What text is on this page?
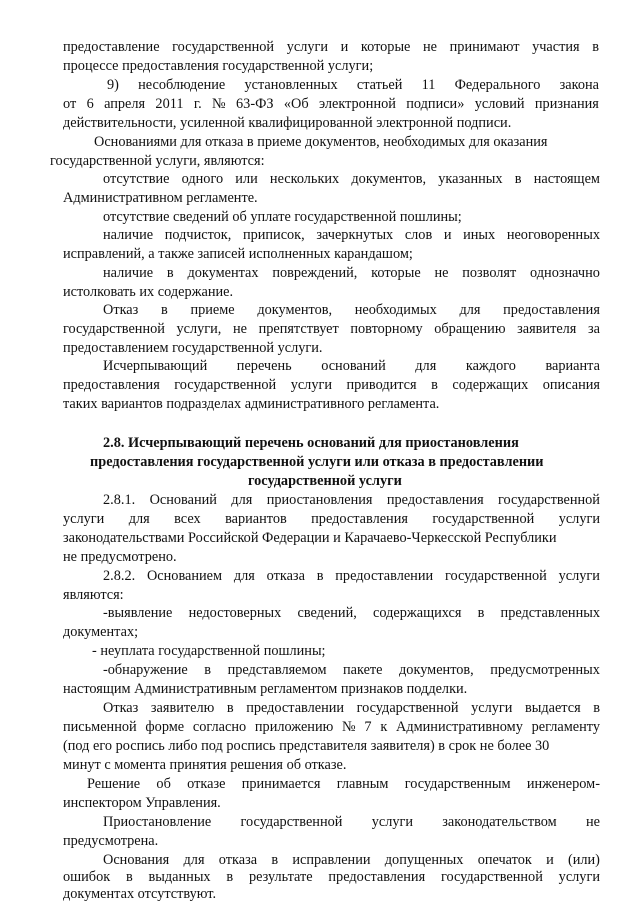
предоставление государственной услуги и которые не принимают участия в
процессе предоставления государственной услуги;
9) несоблюдение установленных статьей 11 Федерального закона
от 6 апреля 2011 г. № 63-ФЗ «Об электронной подписи» условий признания
действительности, усиленной квалифицированной электронной подписи.
Основаниями для отказа в приеме документов, необходимых для оказания
государственной услуги, являются:
отсутствие одного или нескольких документов, указанных в настоящем
Административном регламенте.
отсутствие сведений об уплате государственной пошлины;
наличие подчисток, приписок, зачеркнутых слов и иных неоговоренных
исправлений, а также записей исполненных карандашом;
наличие в документах повреждений, которые не позволят однозначно
истолковать их содержание.
Отказ в приеме документов, необходимых для предоставления
государственной услуги, не препятствует повторному обращению заявителя за
предоставлением государственной услуги.
Исчерпывающий перечень оснований для каждого варианта
предоставления государственной услуги приводится в содержащих описания
таких вариантов подразделах административного регламента.
2.8. Исчерпывающий перечень оснований для приостановления
предоставления государственной услуги или отказа в предоставлении
государственной услуги
2.8.1. Оснований для приостановления предоставления государственной
услуги для всех вариантов предоставления государственной услуги
законодательствами Российской Федерации и Карачаево-Черкесской Республики
не предусмотрено.
2.8.2. Основанием для отказа в предоставлении государственной услуги
являются:
-выявление недостоверных сведений, содержащихся в представленных
документах;
- неуплата государственной пошлины;
-обнаружение в представляемом пакете документов, предусмотренных
настоящим Административным регламентом признаков подделки.
Отказ заявителю в предоставлении государственной услуги выдается в
письменной форме согласно приложению № 7 к Административному регламенту
(под его роспись либо под роспись представителя заявителя) в срок не более 30
минут с момента принятия решения об отказе.
Решение об отказе принимается главным государственным инженером-
инспектором Управления.
Приостановление государственной услуги законодательством не
предусмотрена.
Основания для отказа в исправлении допущенных опечаток и (или)
ошибок в выданных в результате предоставления государственной услуги
документах отсутствуют.
